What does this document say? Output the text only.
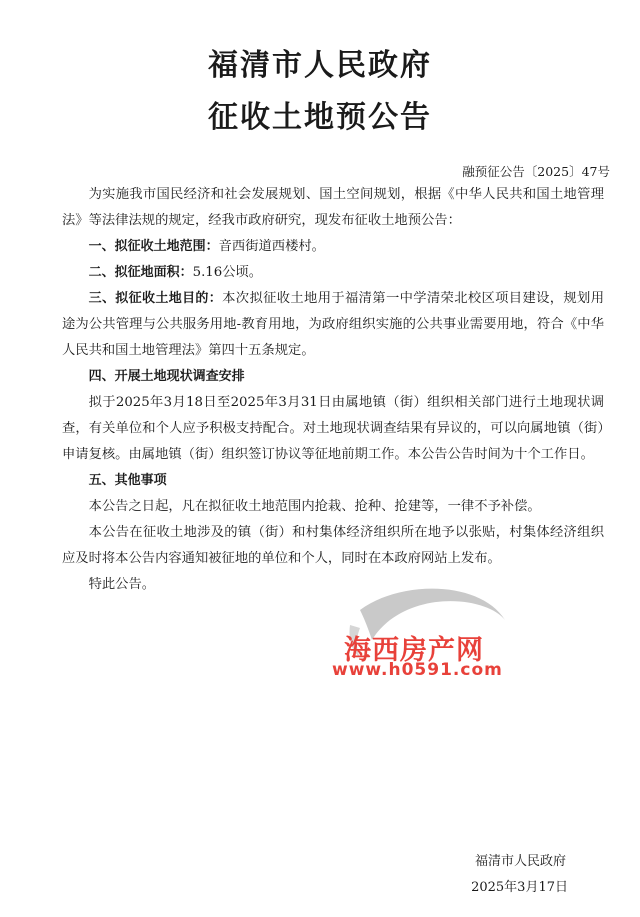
福清市人民政府
征收土地预公告
融预征公告〔2025〕47号

为实施我市国民经济和社会发展规划、国土空间规划，根据《中华人民共和国土地管理法》等法律法规的规定，经我市政府研究，现发布征收土地预公告：

一、拟征收土地范围：音西街道西楼村。

二、拟征地面积：5.16公顷。

三、拟征收土地目的：本次拟征收土地用于福清第一中学清荣北校区项目建设，规划用途为公共管理与公共服务用地-教育用地，为政府组织实施的公共事业需要用地，符合《中华人民共和国土地管理法》第四十五条规定。

四、开展土地现状调查安排

拟于2025年3月18日至2025年3月31日由属地镇（街）组织相关部门进行土地现状调查，有关单位和个人应予积极支持配合。对土地现状调查结果有异议的，可以向属地镇（街）申请复核。由属地镇（街）组织签订协议等征地前期工作。本公告公告时间为十个工作日。

五、其他事项

本公告之日起，凡在拟征收土地范围内抢栽、抢种、抢建等，一律不予补偿。

本公告在征收土地涉及的镇（街）和村集体经济组织所在地予以张贴，村集体经济组织应及时将本公告内容通知被征地的单位和个人，同时在本政府网站上发布。

特此公告。

海西房产网
www.h0591.com
福清市人民政府
2025年3月17日
